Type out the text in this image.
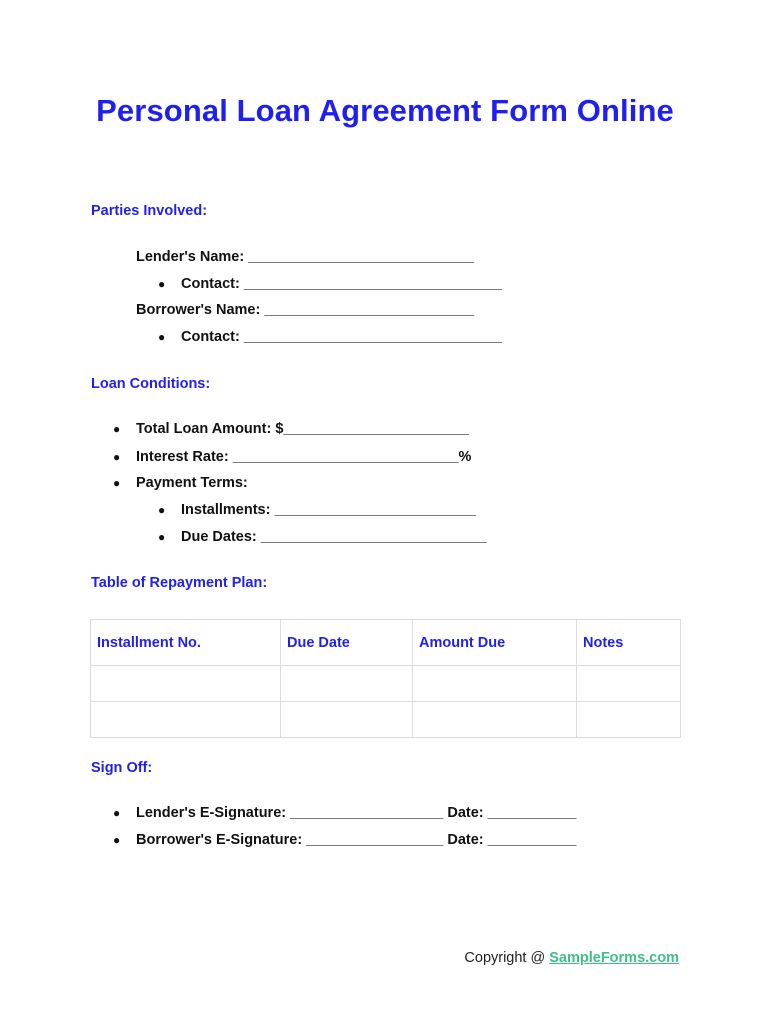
Personal Loan Agreement Form Online
Parties Involved:
Lender's Name: ____________________________
● Contact: ________________________________
Borrower's Name: __________________________
● Contact: ________________________________
Loan Conditions:
● Total Loan Amount: $_______________________
● Interest Rate: ____________________________%
● Payment Terms:
● Installments: _________________________
● Due Dates: ____________________________
Table of Repayment Plan:
Installment No.	Due Date	Amount Due	Notes

Sign Off:
● Lender's E-Signature: ___________________ Date: ___________
● Borrower's E-Signature: _________________ Date: ___________
Copyright @ SampleForms.com
